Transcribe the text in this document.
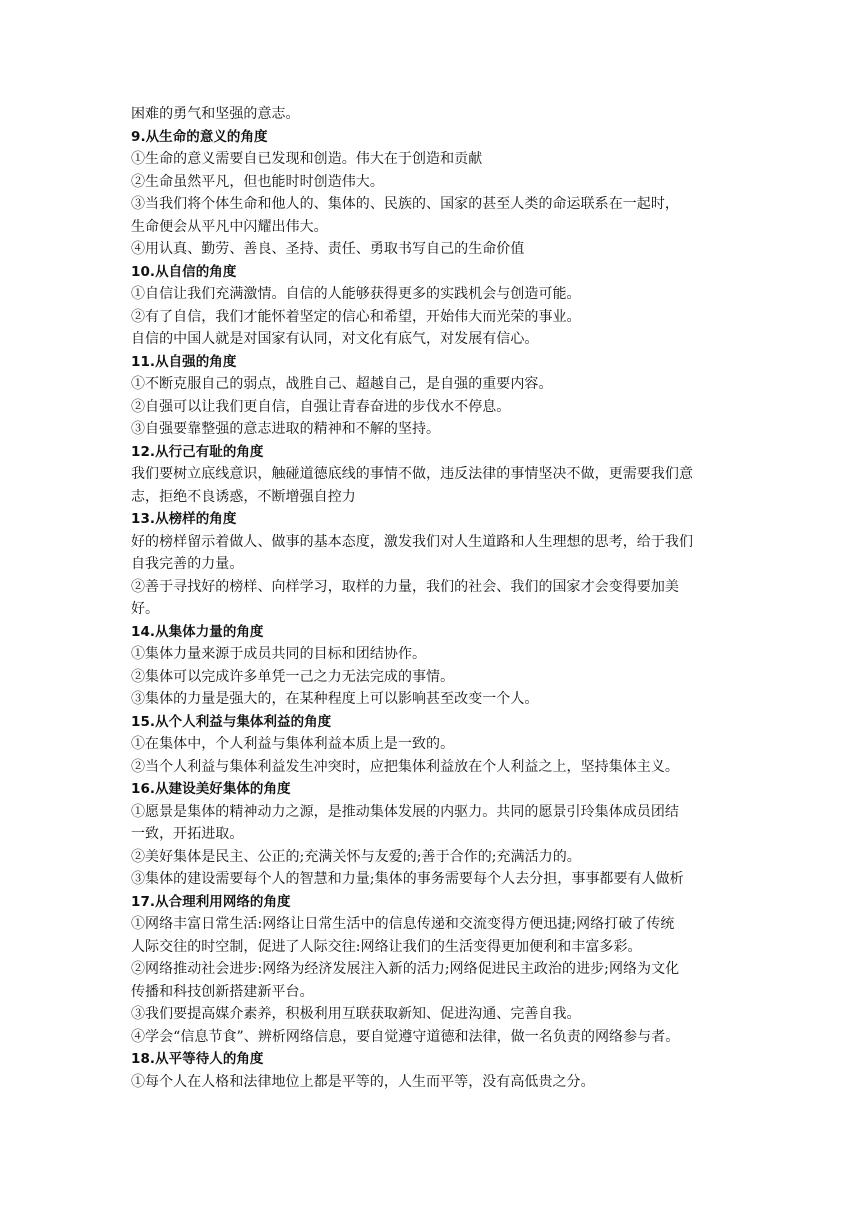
困难的勇气和坚强的意志。
9.从生命的意义的角度
①生命的意义需要自已发现和创造。伟大在于创造和贡献
②生命虽然平凡，但也能时时创造伟大。
③当我们将个体生命和他人的、集体的、民族的、国家的甚至人类的命运联系在一起时，
生命便会从平凡中闪耀出伟大。
④用认真、勤劳、善良、圣持、责任、勇取书写自己的生命价值
10.从自信的角度
①自信让我们充满激情。自信的人能够获得更多的实践机会与创造可能。
②有了自信，我们才能怀着坚定的信心和希望，开始伟大而光荣的事业。
自信的中国人就是对国家有认同，对文化有底气，对发展有信心。
11.从自强的角度
①不断克服自己的弱点，战胜自己、超越自己，是自强的重要内容。
②自强可以让我们更自信，自强让青春奋进的步伐水不停息。
③自强要靠整强的意志进取的精神和不解的坚持。
12.从行己有耻的角度
我们要树立底线意识，触碰道德底线的事情不做，违反法律的事情坚决不做，更需要我们意
志，拒绝不良诱惑，不断增强自控力
13.从榜样的角度
好的榜样留示着做人、做事的基本态度，激发我们对人生道路和人生理想的思考，给于我们
自我完善的力量。
②善于寻找好的榜样、向样学习，取样的力量，我们的社会、我们的国家才会变得要加美
好。
14.从集体力量的角度
①集体力量来源于成员共同的目标和团结协作。
②集体可以完成许多单凭一己之力无法完成的事情。
③集体的力量是强大的，在某种程度上可以影响甚至改变一个人。
15.从个人利益与集体利益的角度
①在集体中，个人利益与集体利益本质上是一致的。
②当个人利益与集体利益发生冲突时，应把集体利益放在个人利益之上，坚持集体主义。
16.从建设美好集体的角度
①愿景是集体的精神动力之源，是推动集体发展的内驱力。共同的愿景引玲集体成员团结
一致，开拓进取。
②美好集体是民主、公正的;充满关怀与友爱的;善于合作的;充满活力的。
③集体的建设需要每个人的智慧和力量;集体的事务需要每个人去分担，事事都要有人做析
17.从合理利用网络的角度
①网络丰富日常生活:网络让日常生活中的信息传递和交流变得方便迅捷;网络打破了传统
人际交往的时空制，促进了人际交往:网络让我们的生活变得更加便利和丰富多彩。
②网络推动社会进步:网络为经济发展注入新的活力;网络促进民主政治的进步;网络为文化
传播和科技创新搭建新平台。
③我们要提高媒介素养，积极利用互联获取新知、促进沟通、完善自我。
④学会“信息节食”、辨析网络信息，要自觉遵守道德和法律，做一名负责的网络参与者。
18.从平等待人的角度
①每个人在人格和法律地位上都是平等的，人生而平等，没有高低贵之分。
